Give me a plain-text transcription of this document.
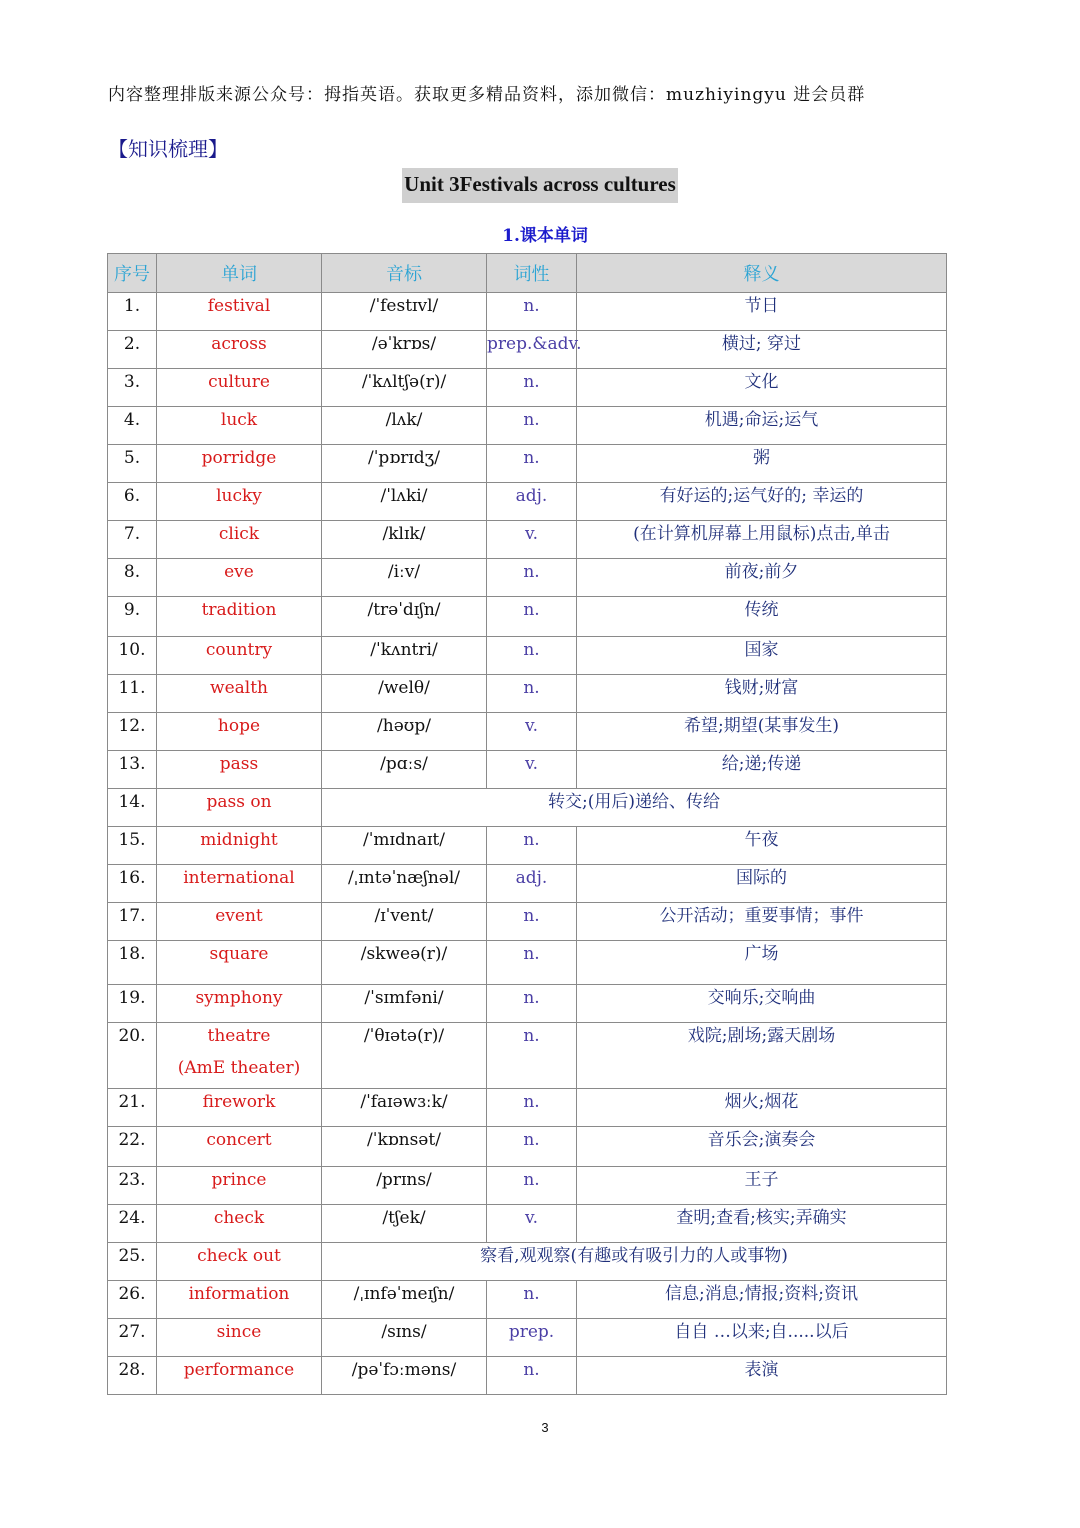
内容整理排版来源公众号：拇指英语。获取更多精品资料，添加微信：muzhiyingyu 进会员群
【知识梳理】
Unit 3Festivals across cultures
1.课本单词
序号	单词	音标	词性	释义

1.	festival	/ˈfestɪvl/	n.	节日

2.	across	/əˈkrɒs/	prep.&adv.	横过; 穿过

3.	culture	/ˈkʌltʃə(r)/	n.	文化

4.	luck	/lʌk/	n.	机遇;命运;运气

5.	porridge	/ˈpɒrɪdʒ/	n.	粥

6.	lucky	/ˈlʌki/	adj.	有好运的;运气好的; 幸运的

7.	click	/klɪk/	v.	(在计算机屏幕上用鼠标)点击,单击

8.	eve	/iːv/	n.	前夜;前夕

9.	tradition	/trəˈdɪʃn/	n.	传统

10.	country	/ˈkʌntri/	n.	国家

11.	wealth	/welθ/	n.	钱财;财富

12.	hope	/həʊp/	v.	希望;期望(某事发生)

13.	pass	/pɑːs/	v.	给;递;传递

14.	pass on	转交;(用后)递给、传给		

15.	midnight	/ˈmɪdnaɪt/	n.	午夜

16.	international	/ˌɪntəˈnæʃnəl/	adj.	国际的

17.	event	/ɪˈvent/	n.	公开活动；重要事情；事件

18.	square	/skweə(r)/	n.	广场

19.	symphony	/ˈsɪmfəni/	n.	交响乐;交响曲

20.	theatre
(AmE theater)	/ˈθɪətə(r)/	n.	戏院;剧场;露天剧场

21.	firework	/ˈfaɪəwɜːk/	n.	烟火;烟花

22.	concert	/ˈkɒnsət/	n.	音乐会;演奏会

23.	prince	/prɪns/	n.	王子

24.	check	/tʃek/	v.	查明;查看;核实;弄确实

25.	check out	察看,观观察(有趣或有吸引力的人或事物)		

26.	information	/ˌɪnfəˈmeɪʃn/	n.	信息;消息;情报;资料;资讯

27.	since	/sɪns/	prep.	自自 …以来;自.....以后

28.	performance	/pəˈfɔːməns/	n.	表演
3
